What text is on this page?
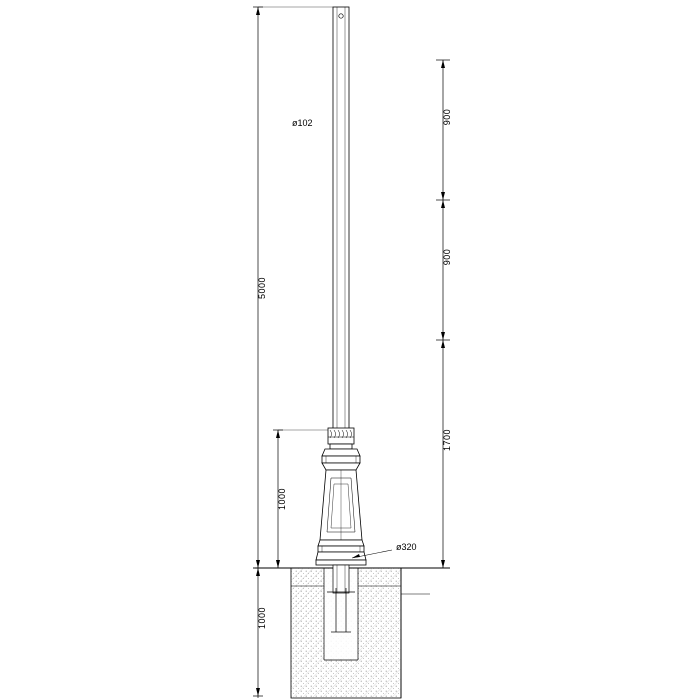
5000
1000
1000
900
900
1700
ø102
ø320
